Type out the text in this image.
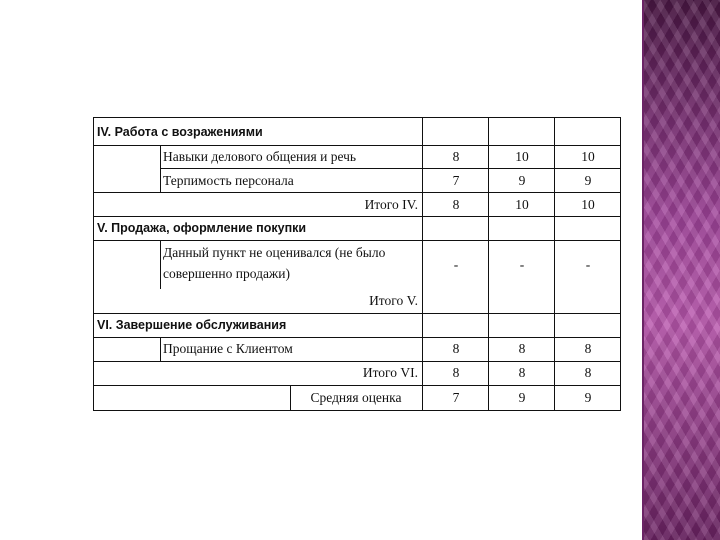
IV. Работа с возражениями
Навыки делового общения и речь	8	10	10
Терпимость персонала	7	9	9
Итого IV.	8	10	10
V. Продажа, оформление покупки
Данный пункт не оценивался (не было
совершенно продажи)
-	-	-
Итого V.
VI. Завершение обслуживания
Прощание с Клиентом	8	8	8
Итого VI.	8	8	8
Средняя оценка	7	9	9
